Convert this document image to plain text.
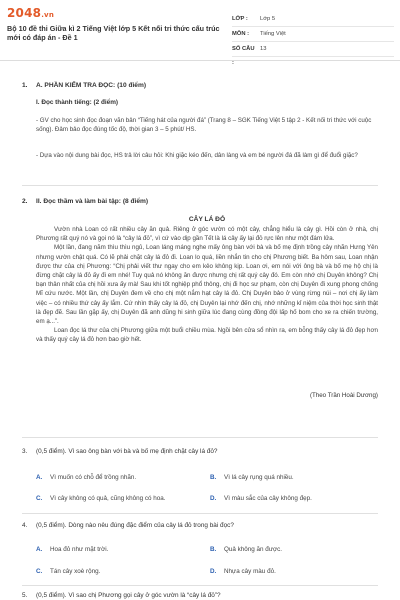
2048.vn
Bộ 10 đề thi Giữa kì 2 Tiếng Việt lớp 5 Kết nối tri thức cấu trúc mới có đáp án - Đề 1
LỚP :	Lớp 5
MÔN :	Tiếng Việt
SỐ CÂU :
13
1. A. PHẦN KIỂM TRA ĐỌC: (10 điểm)
I. Đọc thành tiếng: (2 điểm)
- GV cho học sinh đọc đoạn văn bản “Tiếng hát của người đá” (Trang 8 – SGK Tiếng Việt 5 tập 2 - Kết nối tri thức với cuộc sống). Đảm bảo đọc đúng tốc độ, thời gian 3 – 5 phút/ HS.
- Dựa vào nội dung bài đọc, HS trả lời câu hỏi: Khi giặc kéo đến, dân làng và em bé người đá đã làm gì để đuổi giặc?
2. II. Đọc thầm và làm bài tập: (8 điểm)
CÂY LÁ ĐỎ

Vườn nhà Loan có rất nhiều cây ăn quả. Riêng ở góc vườn có một cây, chẳng hiểu là cây gì. Hồi còn ở nhà, chị Phương rất quý nó và gọi nó là “cây lá đỏ”, vì cứ vào dịp gần Tết là lá cây ấy lại đỏ rực lên như một đám lửa.

Một lần, đang năm thìu thìu ngủ, Loan láng máng nghe mấy ông bàn với bà và bố mẹ định trồng cây nhãn Hưng Yên nhưng vườn chật quá. Có lẽ phải chặt cây lá đỏ đi. Loan lo quá, liền nhắn tin cho chị Phương biết. Ba hôm sau, Loan nhận được thư của chị Phương: “Chị phải viết thư ngay cho em kẻo không kịp. Loan ơi, em nói với ông bà và bố mẹ hộ chị là đừng chặt cây lá đỏ ấy đi em nhé! Tuy quả nó không ăn được nhưng chị rất quý cây đó. Em còn nhớ chị Duyên không? Chị bạn thân nhất của chị hồi xưa ấy mà! Sau khi tốt nghiệp phổ thông, chị đi học sư phạm, còn chị Duyên đi xung phong chống Mĩ cứu nước. Một lần, chị Duyên đem về cho chị một nắm hạt cây lá đỏ. Chị Duyên bảo ở vùng rừng núi – nơi chị ấy làm việc – có nhiều thứ cây ấy lắm. Cứ nhìn thấy cây lá đỏ, chị Duyên lại nhớ đến chị, nhớ những kỉ niệm của thời học sinh thật là đẹp đẽ. Sau lần gặp ấy, chị Duyên đã anh dũng hi sinh giữa lúc đang cùng đồng đội lấp hố bom cho xe ra chiến trường, em ạ...”.

Loan đọc lá thư của chị Phương giữa một buổi chiều mùa. Ngồi bên cửa sổ nhìn ra, em bỗng thấy cây lá đỏ đẹp hơn và thấy quý cây lá đỏ hơn bao giờ hết.

(Theo Trần Hoài Dương)
3. (0,5 điểm). Vì sao ông bàn với bà và bố mẹ định chặt cây lá đỏ?
A. Vì muốn có chỗ để trồng nhãn.	B. Vì lá cây rụng quá nhiều.
C. Vì cây không có quả, cũng không có hoa.	D. Vì màu sắc của cây không đẹp.
4. (0,5 điểm). Dòng nào nêu đúng đặc điểm của cây lá đỏ trong bài đọc?
A. Hoa đỏ như mặt trời.	B. Quả không ăn được.
C. Tán cây xoè rộng.	D. Nhựa cây màu đỏ.
5. (0,5 điểm). Vì sao chị Phương gọi cây ở góc vườn là “cây lá đỏ”?
